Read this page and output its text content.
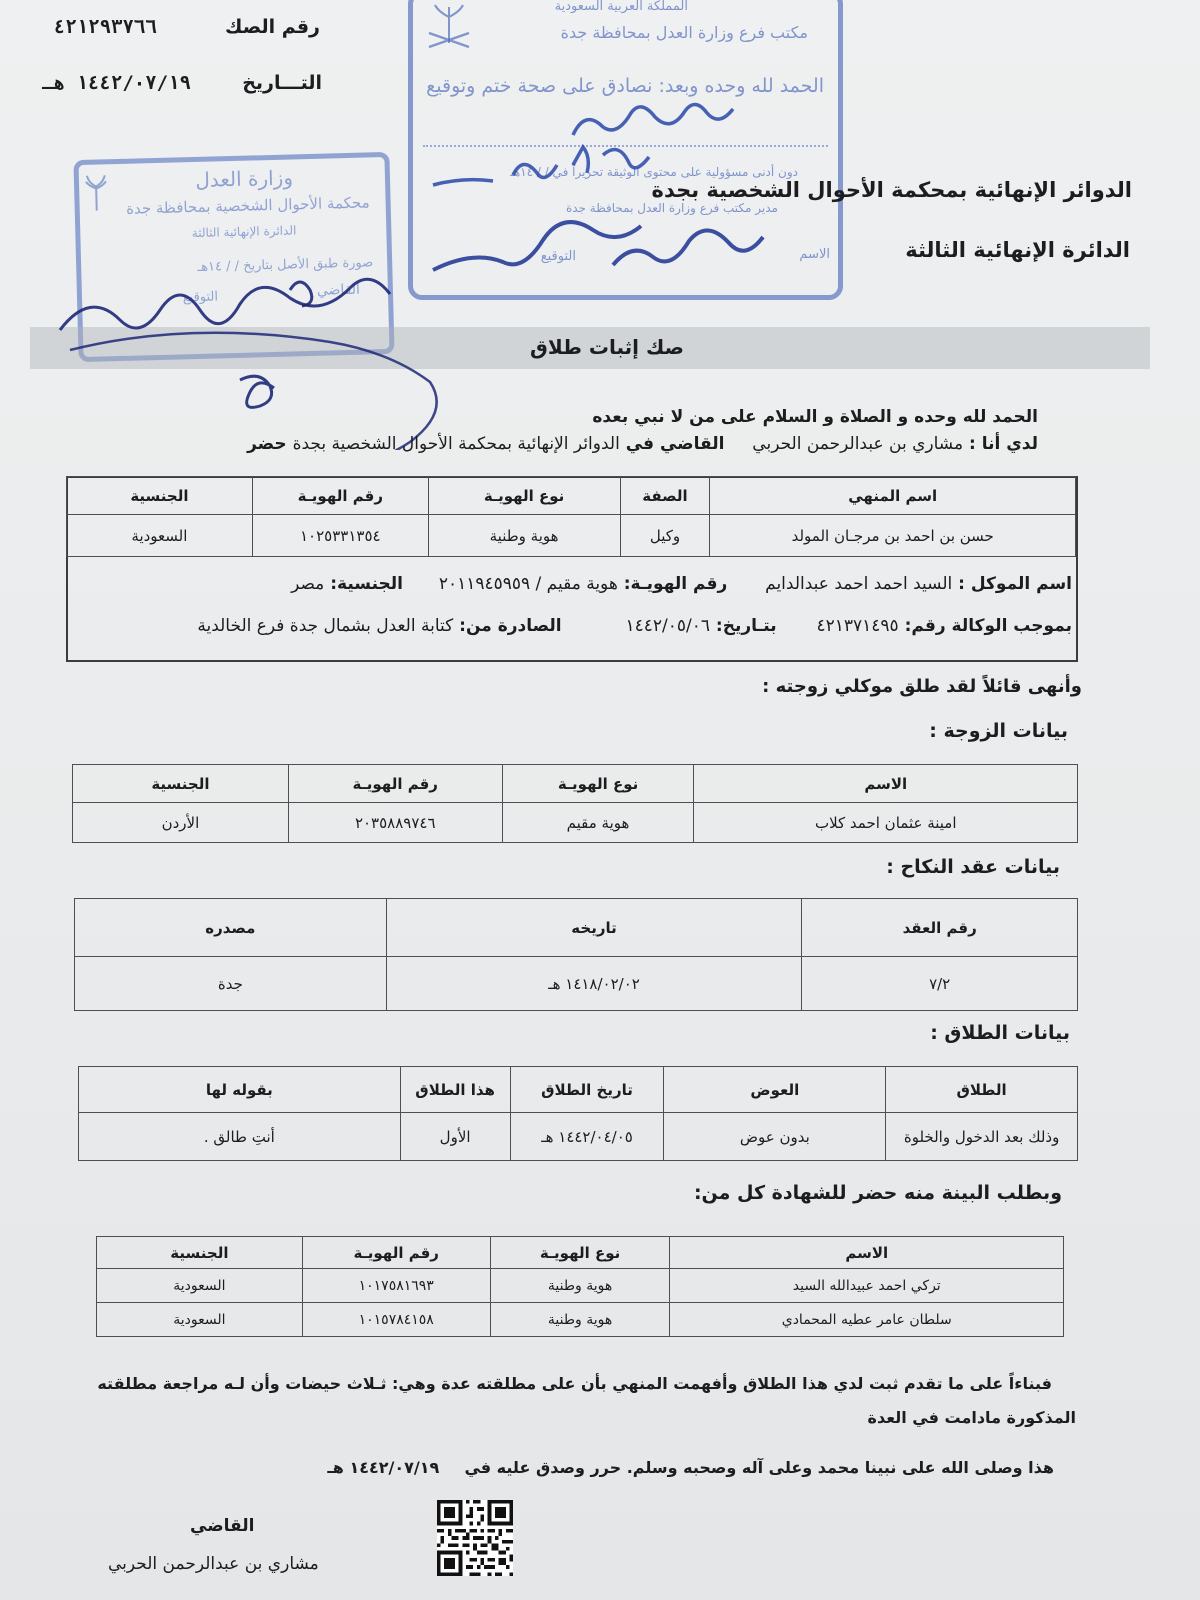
رقم الصك  ٤٢١٢٩٣٧٦٦
التـــاريخ  ١٤٤٢/٠٧/١٩ هـ
وزارة العدل
محكمة الأحوال الشخصية بمحافظة جدة
الدائرة الإنهائية الثالثة
صورة طبق الأصل بتاريخ / / ١٤هـ
التوقيع	القاضي
المملكة العربية السعودية
مكتب فرع وزارة العدل بمحافظة جدة
الحمد لله وحده وبعد: نصادق على صحة ختم وتوقيع
دون أدنى مسؤولية على محتوى الوثيقة تحريراً في / / ١٤هـ
مدير مكتب فرع وزارة العدل بمحافظة جدة
الاسم
التوقيع
الدوائر الإنهائية بمحكمة الأحوال الشخصية بجدة
الدائرة الإنهائية الثالثة
صك إثبات طلاق
الحمد لله وحده و الصلاة و السلام على من لا نبي بعده
لدي أنا : مشاري بن عبدالرحمن الحربي  القاضي في الدوائر الإنهائية بمحكمة الأحوال الشخصية بجدة حضر
اسم المنهي	الصفة	نوع الهويـة	رقم الهويـة	الجنسية
حسن بن احمد بن مرجـان المولد	وكيل	هوية وطنية	١٠٢٥٣٣١٣٥٤	السعودية
اسم الموكل : السيد احمد احمد عبدالدايم  رقم الهويـة: هوية مقيم / ٢٠١١٩٤٥٩٥٩  الجنسية: مصر
بموجب الوكالة رقم: ٤٢١٣٧١٤٩٥  بتـاريخ: ١٤٤٢/٠٥/٠٦  الصادرة من: كتابة العدل بشمال جدة فرع الخالدية
وأنهى قائلاً لقد طلق موكلي زوجته :
بيانات الزوجة :
الاسم	نوع الهويـة	رقم الهويـة	الجنسية
امينة عثمان احمد كلاب	هوية مقيم	٢٠٣٥٨٨٩٧٤٦	الأردن
بيانات عقد النكاح :
رقم العقد	تاريخه	مصدره
٧/٢	١٤١٨/٠٢/٠٢ هـ	جدة
بيانات الطلاق :
الطلاق	العوض	تاريخ الطلاق	هذا الطلاق	بقوله لها
وذلك بعد الدخول والخلوة	بدون عوض	١٤٤٢/٠٤/٠٥ هـ	الأول	أنتِ طالق .
وبطلب البينة منه حضر للشهادة كل من:
الاسم	نوع الهويـة	رقم الهويـة	الجنسية
تركي احمد عبيدالله السيد	هوية وطنية	١٠١٧٥٨١٦٩٣	السعودية
سلطان عامر عطيه المحمادي	هوية وطنية	١٠١٥٧٨٤١٥٨	السعودية
فبناءاً على ما تقدم ثبت لدي هذا الطلاق وأفهمت المنهي بأن على مطلقته عدة وهي: ثـلاث حيضات وأن لـه مراجعة مطلقته
المذكورة مادامت في العدة
هذا وصلى الله على نبينا محمد وعلى آله وصحبه وسلم. حرر وصدق عليه في  ١٤٤٢/٠٧/١٩ هـ
القاضي
مشاري بن عبدالرحمن الحربي
